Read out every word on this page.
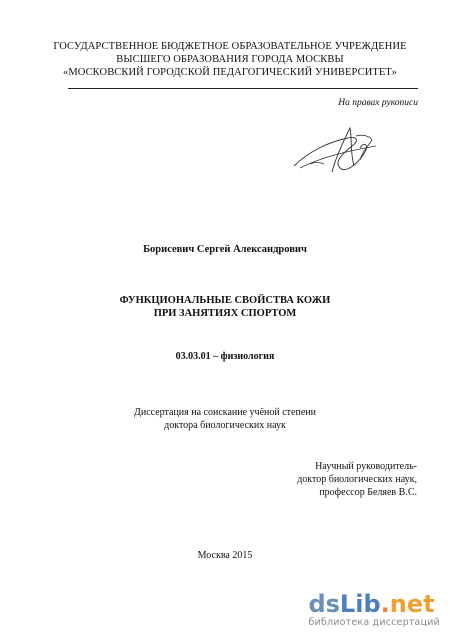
ГОСУДАРСТВЕННОЕ БЮДЖЕТНОЕ ОБРАЗОВАТЕЛЬНОЕ УЧРЕЖДЕНИЕ
ВЫСШЕГО ОБРАЗОВАНИЯ ГОРОДА МОСКВЫ
«МОСКОВСКИЙ ГОРОДСКОЙ ПЕДАГОГИЧЕСКИЙ УНИВЕРСИТЕТ»
На правах рукописи
Борисевич Сергей Александрович
ФУНКЦИОНАЛЬНЫЕ СВОЙСТВА КОЖИ
ПРИ ЗАНЯТИЯХ СПОРТОМ
03.03.01 – физиология
Диссертация на соискание учёной степени
доктора биологических наук
Научный руководитель-
доктор биологических наук,
профессор Беляев В.С.
Москва 2015
dsLib.net
библиотека диссертаций
